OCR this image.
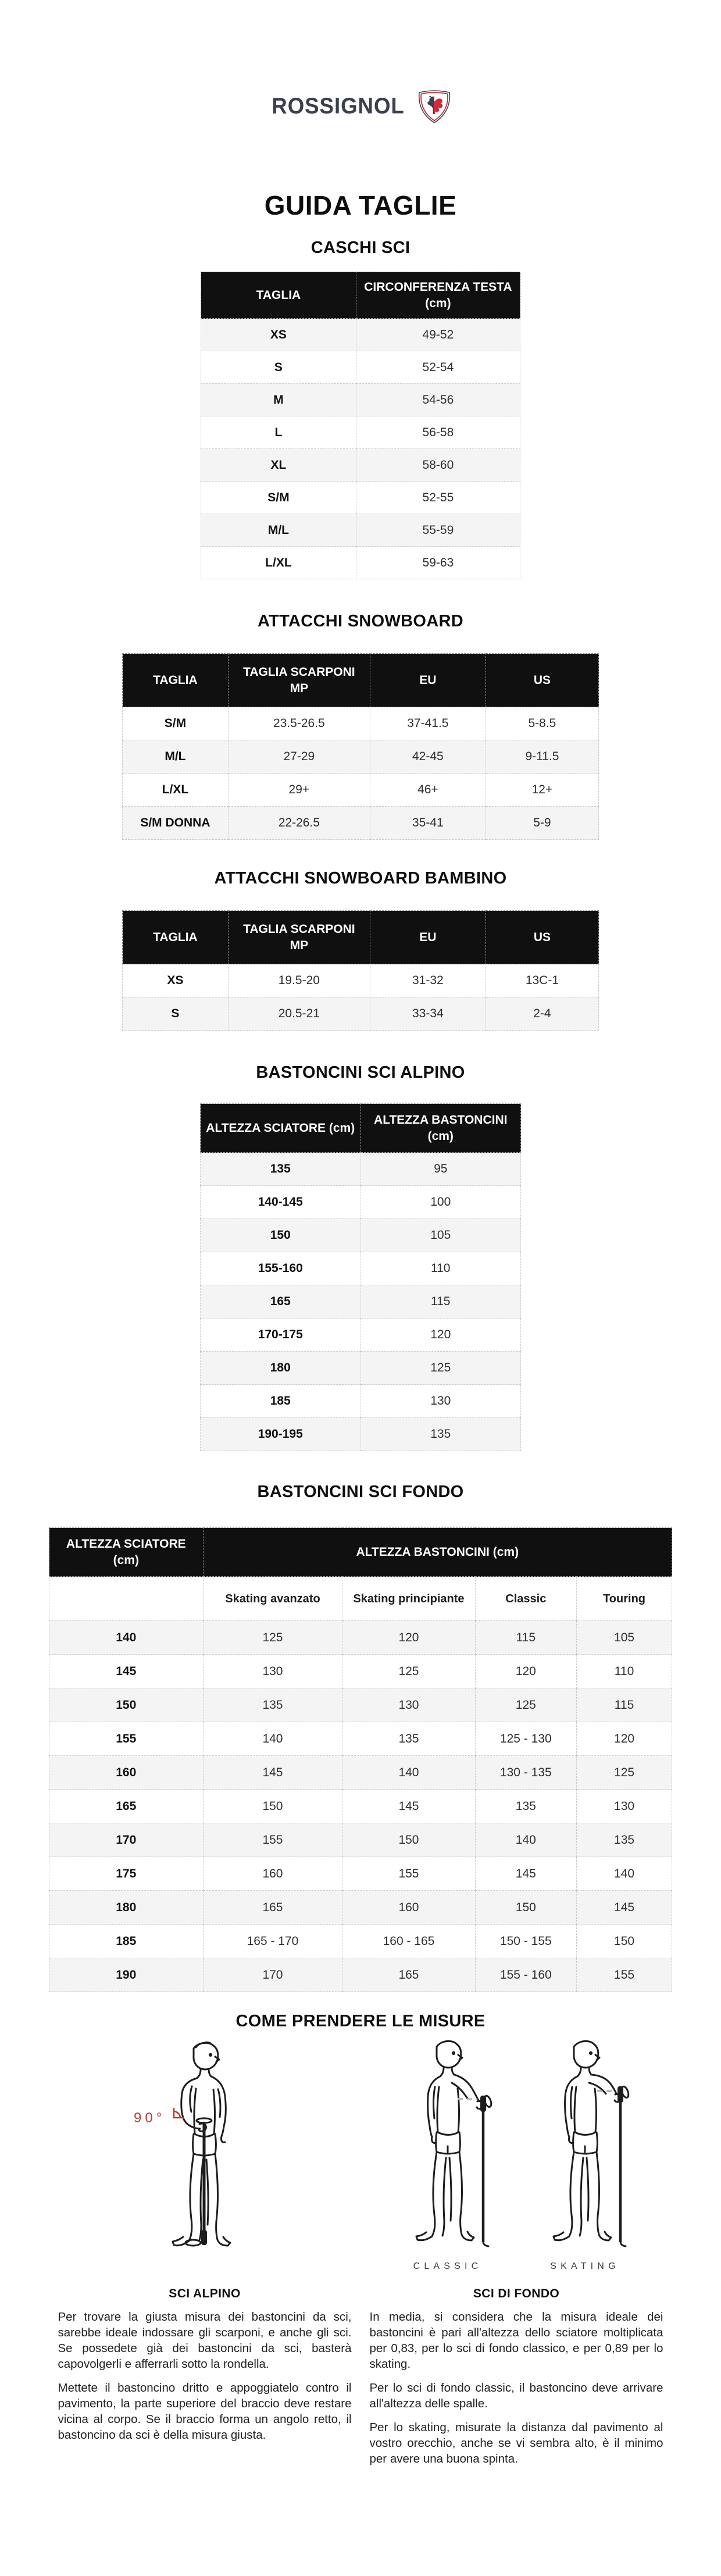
ROSSIGNOL
GUIDA TAGLIE
CASCHI SCI
TAGLIA	CIRCONFERENZA TESTA (cm)
XS	49-52
S	52-54
M	54-56
L	56-58
XL	58-60
S/M	52-55
M/L	55-59
L/XL	59-63
ATTACCHI SNOWBOARD
TAGLIA	TAGLIA SCARPONI MP	EU	US
S/M	23.5-26.5	37-41.5	5-8.5
M/L	27-29	42-45	9-11.5
L/XL	29+	46+	12+
S/M DONNA	22-26.5	35-41	5-9
ATTACCHI SNOWBOARD BAMBINO
TAGLIA	TAGLIA SCARPONI MP	EU	US
XS	19.5-20	31-32	13C-1
S	20.5-21	33-34	2-4
BASTONCINI SCI ALPINO
ALTEZZA SCIATORE (cm)	ALTEZZA BASTONCINI (cm)
135	95
140-145	100
150	105
155-160	110
165	115
170-175	120
180	125
185	130
190-195	135
BASTONCINI SCI FONDO
ALTEZZA SCIATORE (cm)	ALTEZZA BASTONCINI (cm)			
	Skating avanzato	Skating principiante	Classic	Touring
140	125	120	115	105
145	130	125	120	110
150	135	130	125	115
155	140	135	125 - 130	120
160	145	140	130 - 135	125
165	150	145	135	130
170	155	150	140	135
175	160	155	145	140
180	165	160	150	145
185	165 - 170	160 - 165	150 - 155	150
190	170	165	155 - 160	155
COME PRENDERE LE MISURE
90°
SCI ALPINO

Per trovare la giusta misura dei bastoncini da sci, sarebbe ideale indossare gli scarponi, e anche gli sci. Se possedete già dei bastoncini da sci, basterà capovolgerli e afferrarli sotto la rondella.

Mettete il bastoncino dritto e appoggiatelo contro il pavimento, la parte superiore del braccio deve restare vicina al corpo. Se il braccio forma un angolo retto, il bastoncino da sci è della misura giusta.

CLASSIC	SKATING
SCI DI FONDO

In media, si considera che la misura ideale dei bastoncini è pari all'altezza dello sciatore moltiplicata per 0,83, per lo sci di fondo classico, e per 0,89 per lo skating.

Per lo sci di fondo classic, il bastoncino deve arrivare all'altezza delle spalle.

Per lo skating, misurate la distanza dal pavimento al vostro orecchio, anche se vi sembra alto, è il minimo per avere una buona spinta.
